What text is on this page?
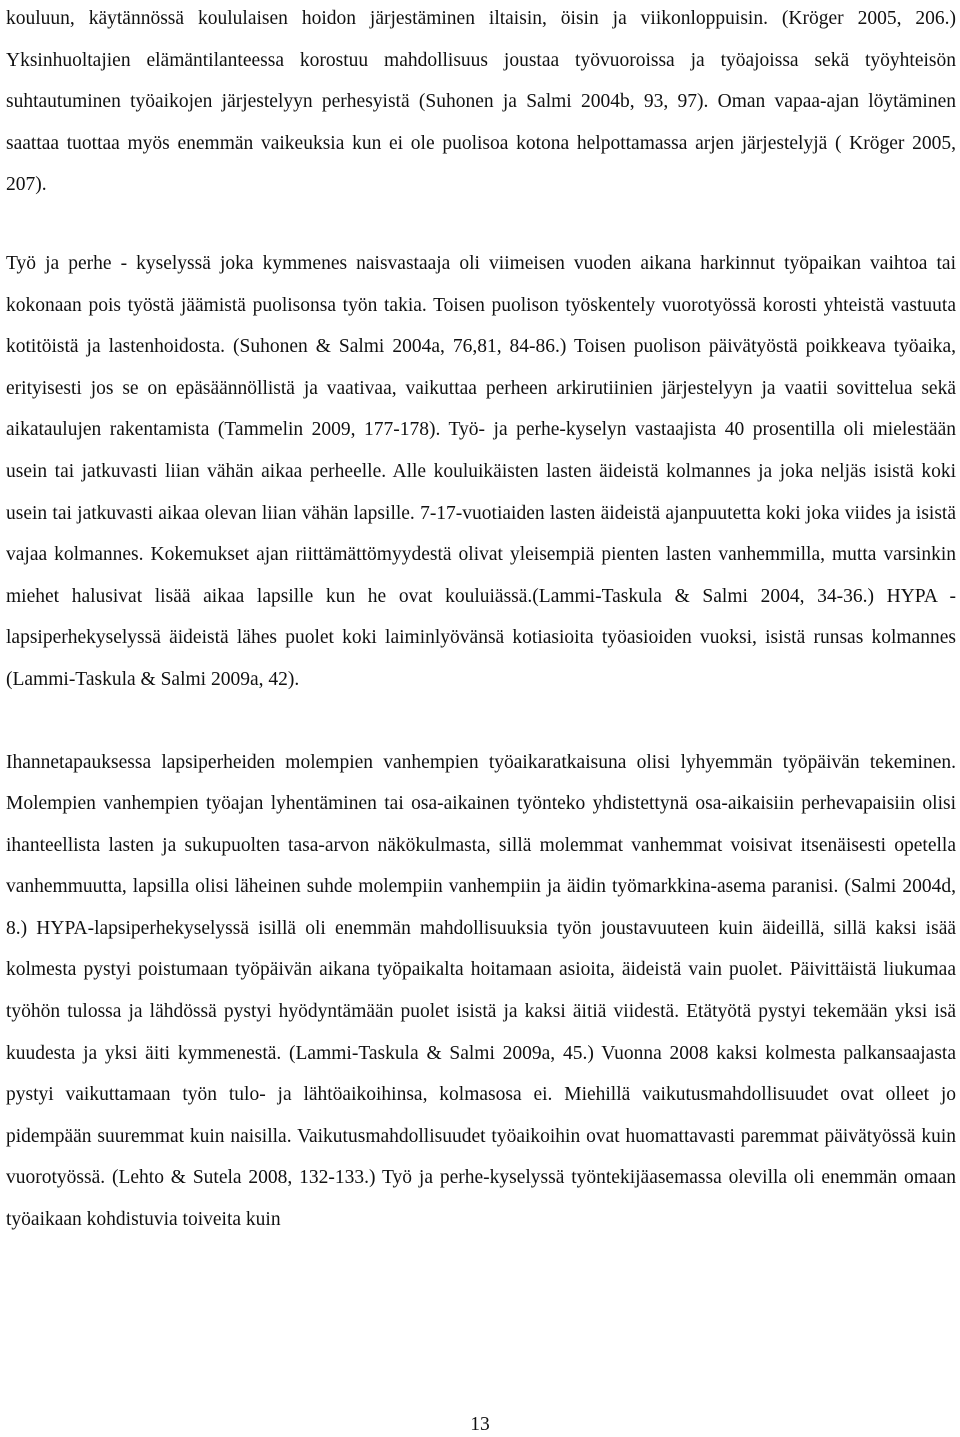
kouluun, käytännössä koululaisen hoidon järjestäminen iltaisin, öisin ja viikonloppuisin. (Kröger 2005, 206.) Yksinhuoltajien elämäntilanteessa korostuu mahdollisuus joustaa työvuoroissa ja työajoissa sekä työyhteisön suhtautuminen työaikojen järjestelyyn perhesyistä (Suhonen ja Salmi 2004b, 93, 97). Oman vapaa-ajan löytäminen saattaa tuottaa myös enemmän vaikeuksia kun ei ole puolisoa kotona helpottamassa arjen järjestelyjä ( Kröger 2005, 207).

Työ ja perhe - kyselyssä joka kymmenes naisvastaaja oli viimeisen vuoden aikana harkinnut työpaikan vaihtoa tai kokonaan pois työstä jäämistä puolisonsa työn takia. Toisen puolison työskentely vuorotyössä korosti yhteistä vastuuta kotitöistä ja lastenhoidosta. (Suhonen & Salmi 2004a, 76,81, 84-86.) Toisen puolison päivätyöstä poikkeava työaika, erityisesti jos se on epäsäännöllistä ja vaativaa, vaikuttaa perheen arkirutiinien järjestelyyn ja vaatii sovittelua sekä aikataulujen rakentamista (Tammelin 2009, 177-178). Työ- ja perhe-kyselyn vastaajista 40 prosentilla oli mielestään usein tai jatkuvasti liian vähän aikaa perheelle. Alle kouluikäisten lasten äideistä kolmannes ja joka neljäs isistä koki usein tai jatkuvasti aikaa olevan liian vähän lapsille. 7-17-vuotiaiden lasten äideistä ajanpuutetta koki joka viides ja isistä vajaa kolmannes. Kokemukset ajan riittämättömyydestä olivat yleisempiä pienten lasten vanhemmilla, mutta varsinkin miehet halusivat lisää aikaa lapsille kun he ovat kouluiässä.(Lammi-Taskula & Salmi 2004, 34-36.) HYPA - lapsiperhekyselyssä äideistä lähes puolet koki laiminlyövänsä kotiasioita työasioiden vuoksi, isistä runsas kolmannes (Lammi-Taskula & Salmi 2009a, 42).

Ihannetapauksessa lapsiperheiden molempien vanhempien työaikaratkaisuna olisi lyhyemmän työpäivän tekeminen. Molempien vanhempien työajan lyhentäminen tai osa-aikainen työnteko yhdistettynä osa-aikaisiin perhevapaisiin olisi ihanteellista lasten ja sukupuolten tasa-arvon näkökulmasta, sillä molemmat vanhemmat voisivat itsenäisesti opetella vanhemmuutta, lapsilla olisi läheinen suhde molempiin vanhempiin ja äidin työmarkkina-asema paranisi. (Salmi 2004d, 8.) HYPA-lapsiperhekyselyssä isillä oli enemmän mahdollisuuksia työn joustavuuteen kuin äideillä, sillä kaksi isää kolmesta pystyi poistumaan työpäivän aikana työpaikalta hoitamaan asioita, äideistä vain puolet. Päivittäistä liukumaa työhön tulossa ja lähdössä pystyi hyödyntämään puolet isistä ja kaksi äitiä viidestä. Etätyötä pystyi tekemään yksi isä kuudesta ja yksi äiti kymmenestä. (Lammi-Taskula & Salmi 2009a, 45.) Vuonna 2008 kaksi kolmesta palkansaajasta pystyi vaikuttamaan työn tulo- ja lähtöaikoihinsa, kolmasosa ei. Miehillä vaikutusmahdollisuudet ovat olleet jo pidempään suuremmat kuin naisilla. Vaikutusmahdollisuudet työaikoihin ovat huomattavasti paremmat päivätyössä kuin vuorotyössä. (Lehto & Sutela 2008, 132-133.) Työ ja perhe-kyselyssä työntekijäasemassa olevilla oli enemmän omaan työaikaan kohdistuvia toiveita kuin

13
